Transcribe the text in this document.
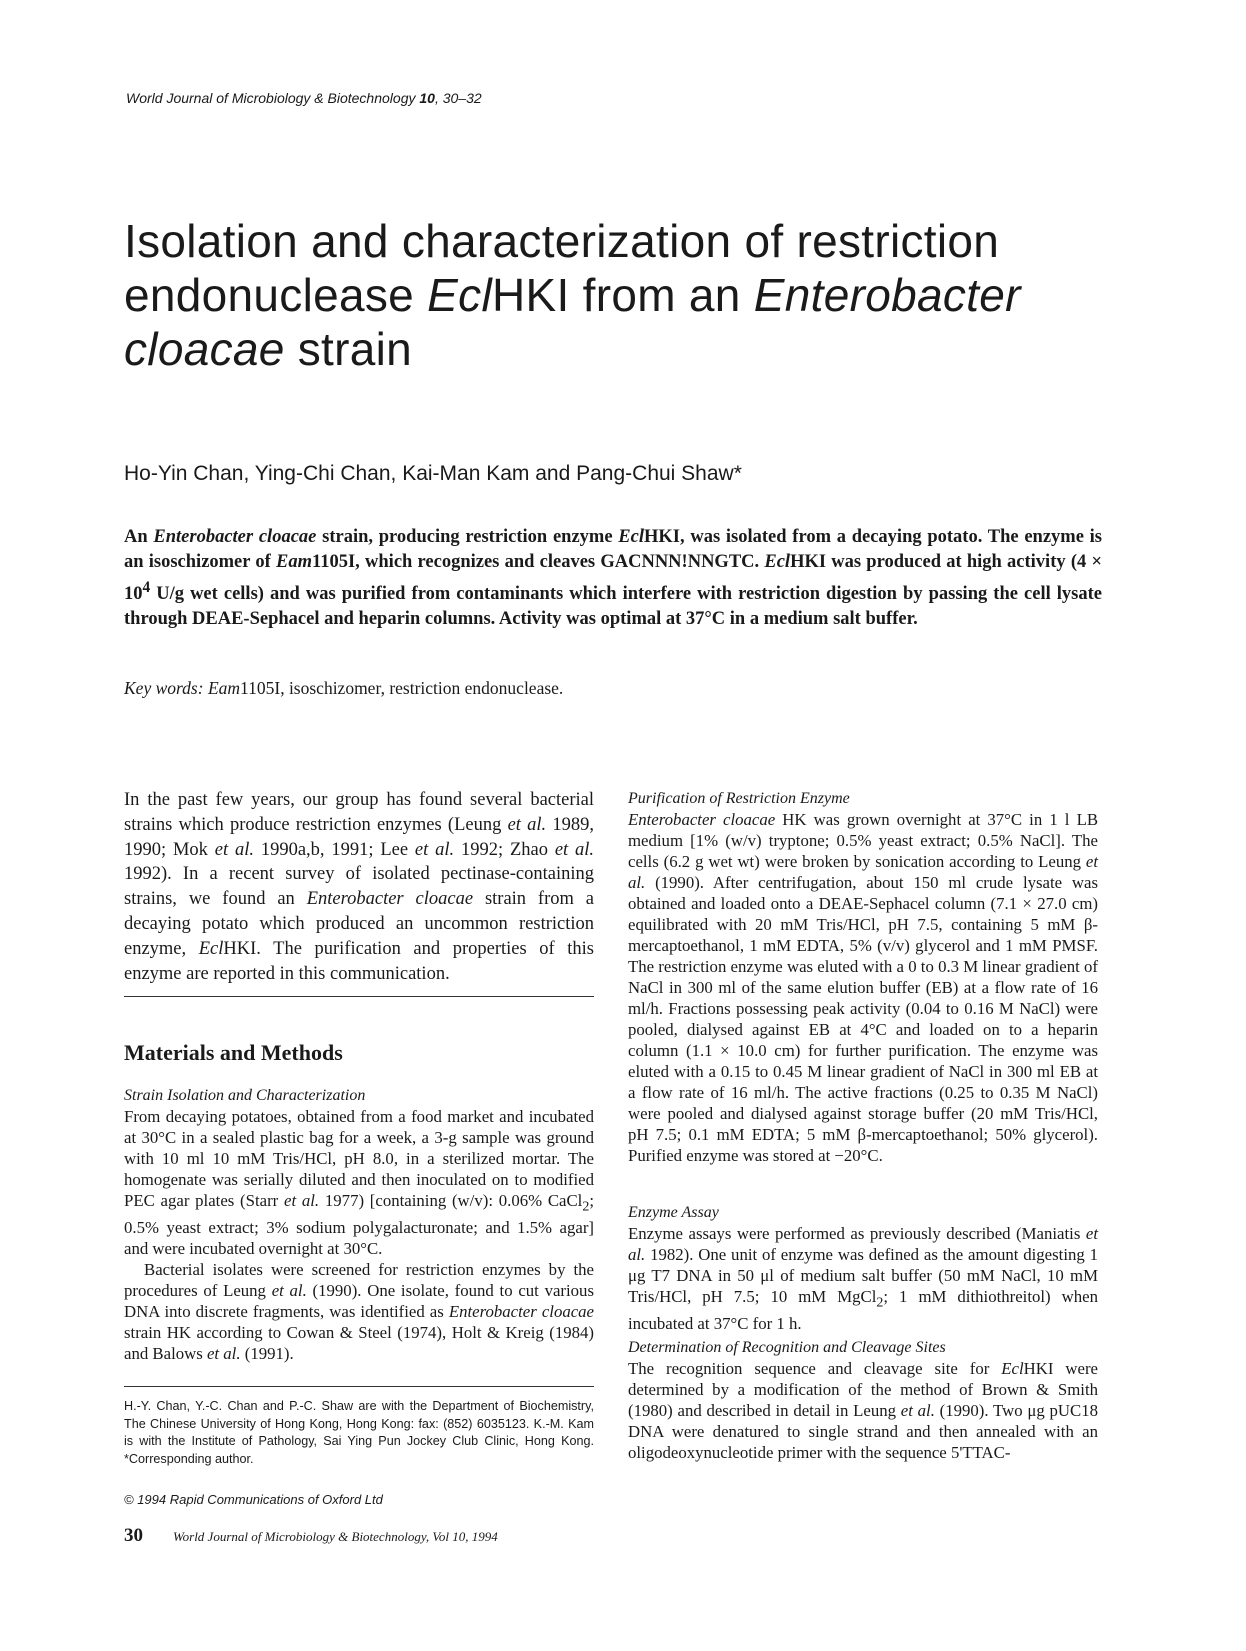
World Journal of Microbiology & Biotechnology 10, 30–32
Isolation and characterization of restriction endonuclease EclHKI from an Enterobacter cloacae strain
Ho-Yin Chan, Ying-Chi Chan, Kai-Man Kam and Pang-Chui Shaw*
An Enterobacter cloacae strain, producing restriction enzyme EclHKI, was isolated from a decaying potato. The enzyme is an isoschizomer of Eam1105I, which recognizes and cleaves GACNNN!NNGTC. EclHKI was produced at high activity ($4 \times 10^4$ U/g wet cells) and was purified from contaminants which interfere with restriction digestion by passing the cell lysate through DEAE-Sephacel and heparin columns. Activity was optimal at 37°C in a medium salt buffer.
Key words: Eam1105I, isoschizomer, restriction endonuclease.
In the past few years, our group has found several bacterial strains which produce restriction enzymes (Leung et al. 1989, 1990; Mok et al. 1990a,b, 1991; Lee et al. 1992; Zhao et al. 1992). In a recent survey of isolated pectinase-containing strains, we found an Enterobacter cloacae strain from a decaying potato which produced an uncommon restriction enzyme, EclHKI. The purification and properties of this enzyme are reported in this communication.
Materials and Methods

Strain Isolation and Characterization

From decaying potatoes, obtained from a food market and incubated at 30°C in a sealed plastic bag for a week, a 3-g sample was ground with 10 ml 10 mM Tris/HCl, pH 8.0, in a sterilized mortar. The homogenate was serially diluted and then inoculated on to modified PEC agar plates (Starr et al. 1977) [containing (w/v): 0.06% CaCl$_2$; 0.5% yeast extract; 3% sodium polygalacturonate; and 1.5% agar] and were incubated overnight at 30°C.

Bacterial isolates were screened for restriction enzymes by the procedures of Leung et al. (1990). One isolate, found to cut various DNA into discrete fragments, was identified as Enterobacter cloacae strain HK according to Cowan & Steel (1974), Holt & Kreig (1984) and Balows et al. (1991).

H.-Y. Chan, Y.-C. Chan and P.-C. Shaw are with the Department of Biochemistry, The Chinese University of Hong Kong, Hong Kong: fax: (852) 6035123. K.-M. Kam is with the Institute of Pathology, Sai Ying Pun Jockey Club Clinic, Hong Kong. *Corresponding author.
© 1994 Rapid Communications of Oxford Ltd
30 World Journal of Microbiology & Biotechnology, Vol 10, 1994

Purification of Restriction Enzyme

Enterobacter cloacae HK was grown overnight at 37°C in 1 l LB medium [1% (w/v) tryptone; 0.5% yeast extract; 0.5% NaCl]. The cells (6.2 g wet wt) were broken by sonication according to Leung et al. (1990). After centrifugation, about 150 ml crude lysate was obtained and loaded onto a DEAE-Sephacel column (7.1 × 27.0 cm) equilibrated with 20 mM Tris/HCl, pH 7.5, containing 5 mM β-mercaptoethanol, 1 mM EDTA, 5% (v/v) glycerol and 1 mM PMSF. The restriction enzyme was eluted with a 0 to 0.3 M linear gradient of NaCl in 300 ml of the same elution buffer (EB) at a flow rate of 16 ml/h. Fractions possessing peak activity (0.04 to 0.16 M NaCl) were pooled, dialysed against EB at 4°C and loaded on to a heparin column (1.1 × 10.0 cm) for further purification. The enzyme was eluted with a 0.15 to 0.45 M linear gradient of NaCl in 300 ml EB at a flow rate of 16 ml/h. The active fractions (0.25 to 0.35 M NaCl) were pooled and dialysed against storage buffer (20 mM Tris/HCl, pH 7.5; 0.1 mM EDTA; 5 mM β-mercaptoethanol; 50% glycerol). Purified enzyme was stored at −20°C.

Enzyme Assay

Enzyme assays were performed as previously described (Maniatis et al. 1982). One unit of enzyme was defined as the amount digesting 1 μg T7 DNA in 50 μl of medium salt buffer (50 mM NaCl, 10 mM Tris/HCl, pH 7.5; 10 mM MgCl$_2$; 1 mM dithiothreitol) when incubated at 37°C for 1 h.

Determination of Recognition and Cleavage Sites

The recognition sequence and cleavage site for EclHKI were determined by a modification of the method of Brown & Smith (1980) and described in detail in Leung et al. (1990). Two μg pUC18 DNA were denatured to single strand and then annealed with an oligodeoxynucleotide primer with the sequence 5'TTAC-
